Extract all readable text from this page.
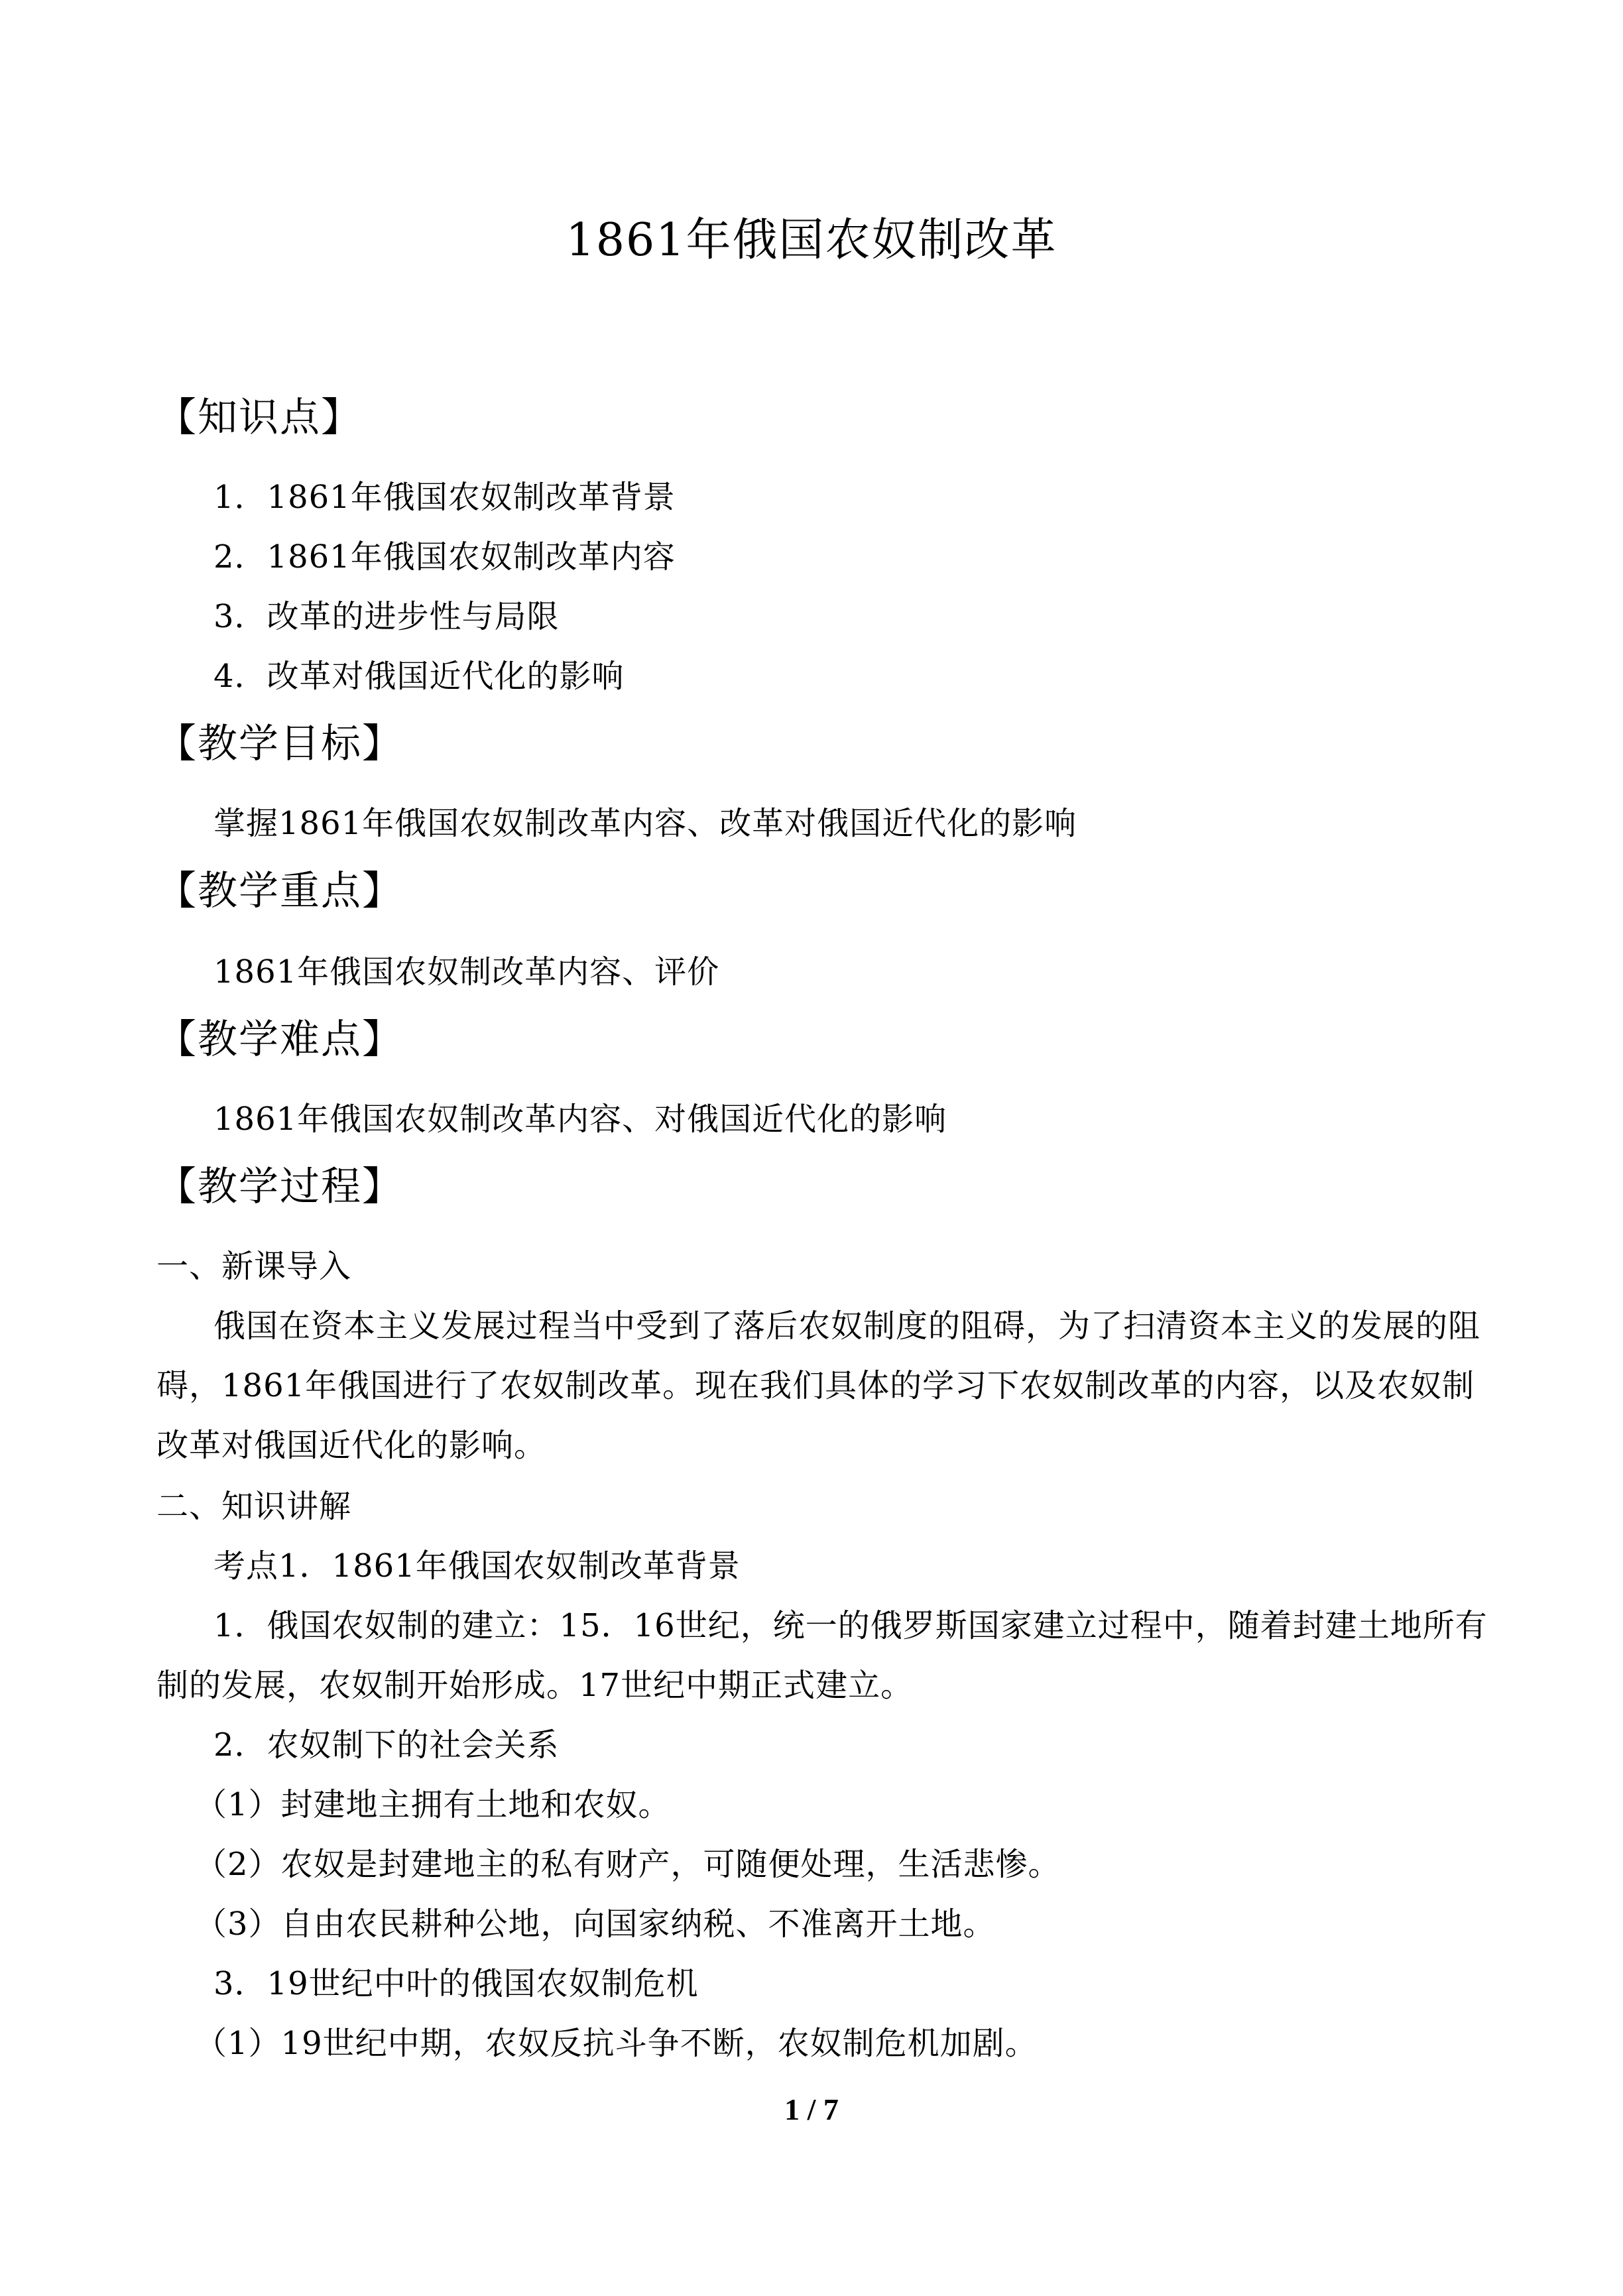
1861年俄国农奴制改革
【知识点】
1．1861年俄国农奴制改革背景
2．1861年俄国农奴制改革内容
3．改革的进步性与局限
4．改革对俄国近代化的影响
【教学目标】
掌握1861年俄国农奴制改革内容、改革对俄国近代化的影响
【教学重点】
1861年俄国农奴制改革内容、评价
【教学难点】
1861年俄国农奴制改革内容、对俄国近代化的影响
【教学过程】
一、新课导入
俄国在资本主义发展过程当中受到了落后农奴制度的阻碍，为了扫清资本主义的发展的阻
碍，1861年俄国进行了农奴制改革。现在我们具体的学习下农奴制改革的内容，以及农奴制
改革对俄国近代化的影响。
二、知识讲解
考点1．1861年俄国农奴制改革背景
1．俄国农奴制的建立：15．16世纪，统一的俄罗斯国家建立过程中，随着封建土地所有
制的发展，农奴制开始形成。17世纪中期正式建立。
2．农奴制下的社会关系
（1）封建地主拥有土地和农奴。
（2）农奴是封建地主的私有财产，可随便处理，生活悲惨。
（3）自由农民耕种公地，向国家纳税、不准离开土地。
3．19世纪中叶的俄国农奴制危机
（1）19世纪中期，农奴反抗斗争不断，农奴制危机加剧。
1 / 7
